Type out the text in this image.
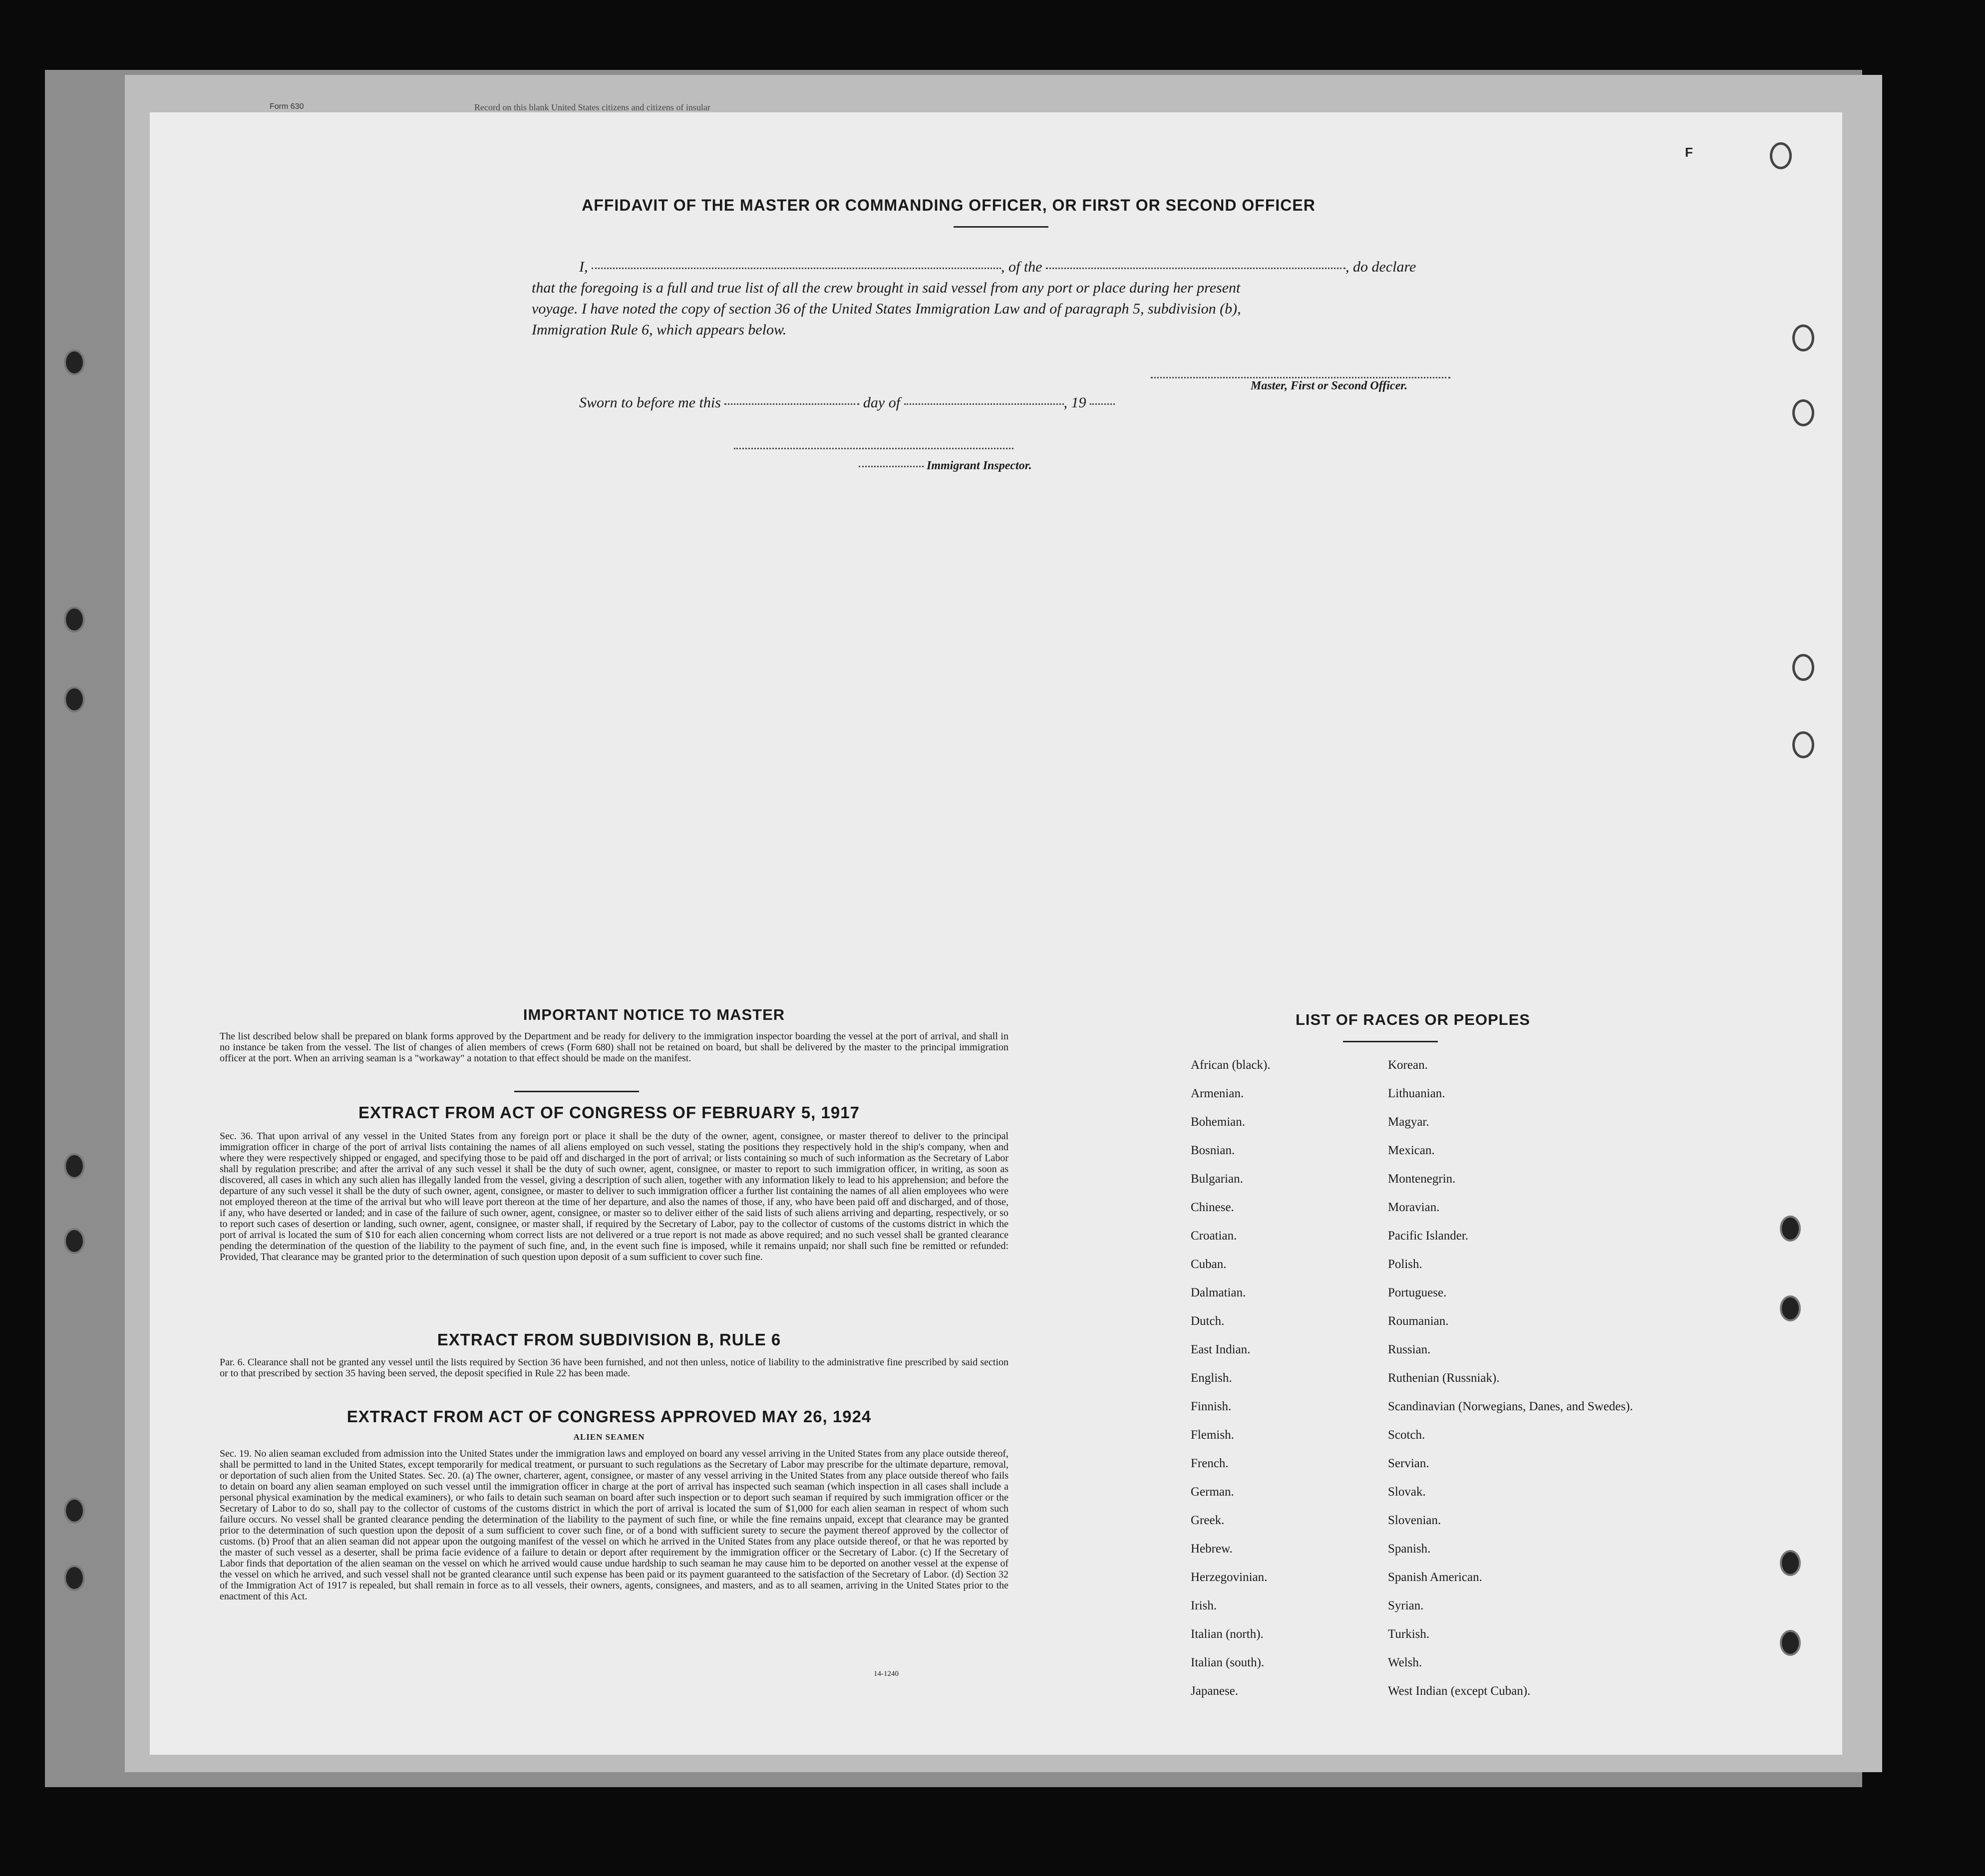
Form 630	Record on this blank United States citizens and citizens of insular
F
AFFIDAVIT OF THE MASTER OR COMMANDING OFFICER, OR FIRST OR SECOND OFFICER
I,	, of the	, do declare
that the foregoing is a full and true list of all the crew brought in said vessel from any port or place during her present
voyage. I have noted the copy of section 36 of the United States Immigration Law and of paragraph 5, subdivision (b),
Immigration Rule 6, which appears below.
Master, First or Second Officer.
Sworn to before me this	day of	, 19
Immigrant Inspector.
IMPORTANT NOTICE TO MASTER
The list described below shall be prepared on blank forms approved by the Department and be ready for delivery to the immigration inspector boarding the vessel at the port of arrival, and shall in no instance be taken from the vessel. The list of changes of alien members of crews (Form 680) shall not be retained on board, but shall be delivered by the master to the principal immigration officer at the port. When an arriving seaman is a "workaway" a notation to that effect should be made on the manifest.
EXTRACT FROM ACT OF CONGRESS OF FEBRUARY 5, 1917
Sec. 36. That upon arrival of any vessel in the United States from any foreign port or place it shall be the duty of the owner, agent, consignee, or master thereof to deliver to the principal immigration officer in charge of the port of arrival lists containing the names of all aliens employed on such vessel, stating the positions they respectively hold in the ship's company, when and where they were respectively shipped or engaged, and specifying those to be paid off and discharged in the port of arrival; or lists containing so much of such information as the Secretary of Labor shall by regulation prescribe; and after the arrival of any such vessel it shall be the duty of such owner, agent, consignee, or master to report to such immigration officer, in writing, as soon as discovered, all cases in which any such alien has illegally landed from the vessel, giving a description of such alien, together with any information likely to lead to his apprehension; and before the departure of any such vessel it shall be the duty of such owner, agent, consignee, or master to deliver to such immigration officer a further list containing the names of all alien employees who were not employed thereon at the time of the arrival but who will leave port thereon at the time of her departure, and also the names of those, if any, who have been paid off and discharged, and of those, if any, who have deserted or landed; and in case of the failure of such owner, agent, consignee, or master so to deliver either of the said lists of such aliens arriving and departing, respectively, or so to report such cases of desertion or landing, such owner, agent, consignee, or master shall, if required by the Secretary of Labor, pay to the collector of customs of the customs district in which the port of arrival is located the sum of $10 for each alien concerning whom correct lists are not delivered or a true report is not made as above required; and no such vessel shall be granted clearance pending the determination of the question of the liability to the payment of such fine, and, in the event such fine is imposed, while it remains unpaid; nor shall such fine be remitted or refunded: Provided, That clearance may be granted prior to the determination of such question upon deposit of a sum sufficient to cover such fine.
EXTRACT FROM SUBDIVISION B, RULE 6
Par. 6. Clearance shall not be granted any vessel until the lists required by Section 36 have been furnished, and not then unless, notice of liability to the administrative fine prescribed by said section or to that prescribed by section 35 having been served, the deposit specified in Rule 22 has been made.
EXTRACT FROM ACT OF CONGRESS APPROVED MAY 26, 1924
ALIEN SEAMEN
Sec. 19. No alien seaman excluded from admission into the United States under the immigration laws and employed on board any vessel arriving in the United States from any place outside thereof, shall be permitted to land in the United States, except temporarily for medical treatment, or pursuant to such regulations as the Secretary of Labor may prescribe for the ultimate departure, removal, or deportation of such alien from the United States. Sec. 20. (a) The owner, charterer, agent, consignee, or master of any vessel arriving in the United States from any place outside thereof who fails to detain on board any alien seaman employed on such vessel until the immigration officer in charge at the port of arrival has inspected such seaman (which inspection in all cases shall include a personal physical examination by the medical examiners), or who fails to detain such seaman on board after such inspection or to deport such seaman if required by such immigration officer or the Secretary of Labor to do so, shall pay to the collector of customs of the customs district in which the port of arrival is located the sum of $1,000 for each alien seaman in respect of whom such failure occurs. No vessel shall be granted clearance pending the determination of the liability to the payment of such fine, or while the fine remains unpaid, except that clearance may be granted prior to the determination of such question upon the deposit of a sum sufficient to cover such fine, or of a bond with sufficient surety to secure the payment thereof approved by the collector of customs. (b) Proof that an alien seaman did not appear upon the outgoing manifest of the vessel on which he arrived in the United States from any place outside thereof, or that he was reported by the master of such vessel as a deserter, shall be prima facie evidence of a failure to detain or deport after requirement by the immigration officer or the Secretary of Labor. (c) If the Secretary of Labor finds that deportation of the alien seaman on the vessel on which he arrived would cause undue hardship to such seaman he may cause him to be deported on another vessel at the expense of the vessel on which he arrived, and such vessel shall not be granted clearance until such expense has been paid or its payment guaranteed to the satisfaction of the Secretary of Labor. (d) Section 32 of the Immigration Act of 1917 is repealed, but shall remain in force as to all vessels, their owners, agents, consignees, and masters, and as to all seamen, arriving in the United States prior to the enactment of this Act.
14-1240
LIST OF RACES OR PEOPLES
African (black).
Armenian.
Bohemian.
Bosnian.
Bulgarian.
Chinese.
Croatian.
Cuban.
Dalmatian.
Dutch.
East Indian.
English.
Finnish.
Flemish.
French.
German.
Greek.
Hebrew.
Herzegovinian.
Irish.
Italian (north).
Italian (south).
Japanese.
Korean.
Lithuanian.
Magyar.
Mexican.
Montenegrin.
Moravian.
Pacific Islander.
Polish.
Portuguese.
Roumanian.
Russian.
Ruthenian (Russniak).
Scandinavian (Norwegians, Danes, and Swedes).
Scotch.
Servian.
Slovak.
Slovenian.
Spanish.
Spanish American.
Syrian.
Turkish.
Welsh.
West Indian (except Cuban).
